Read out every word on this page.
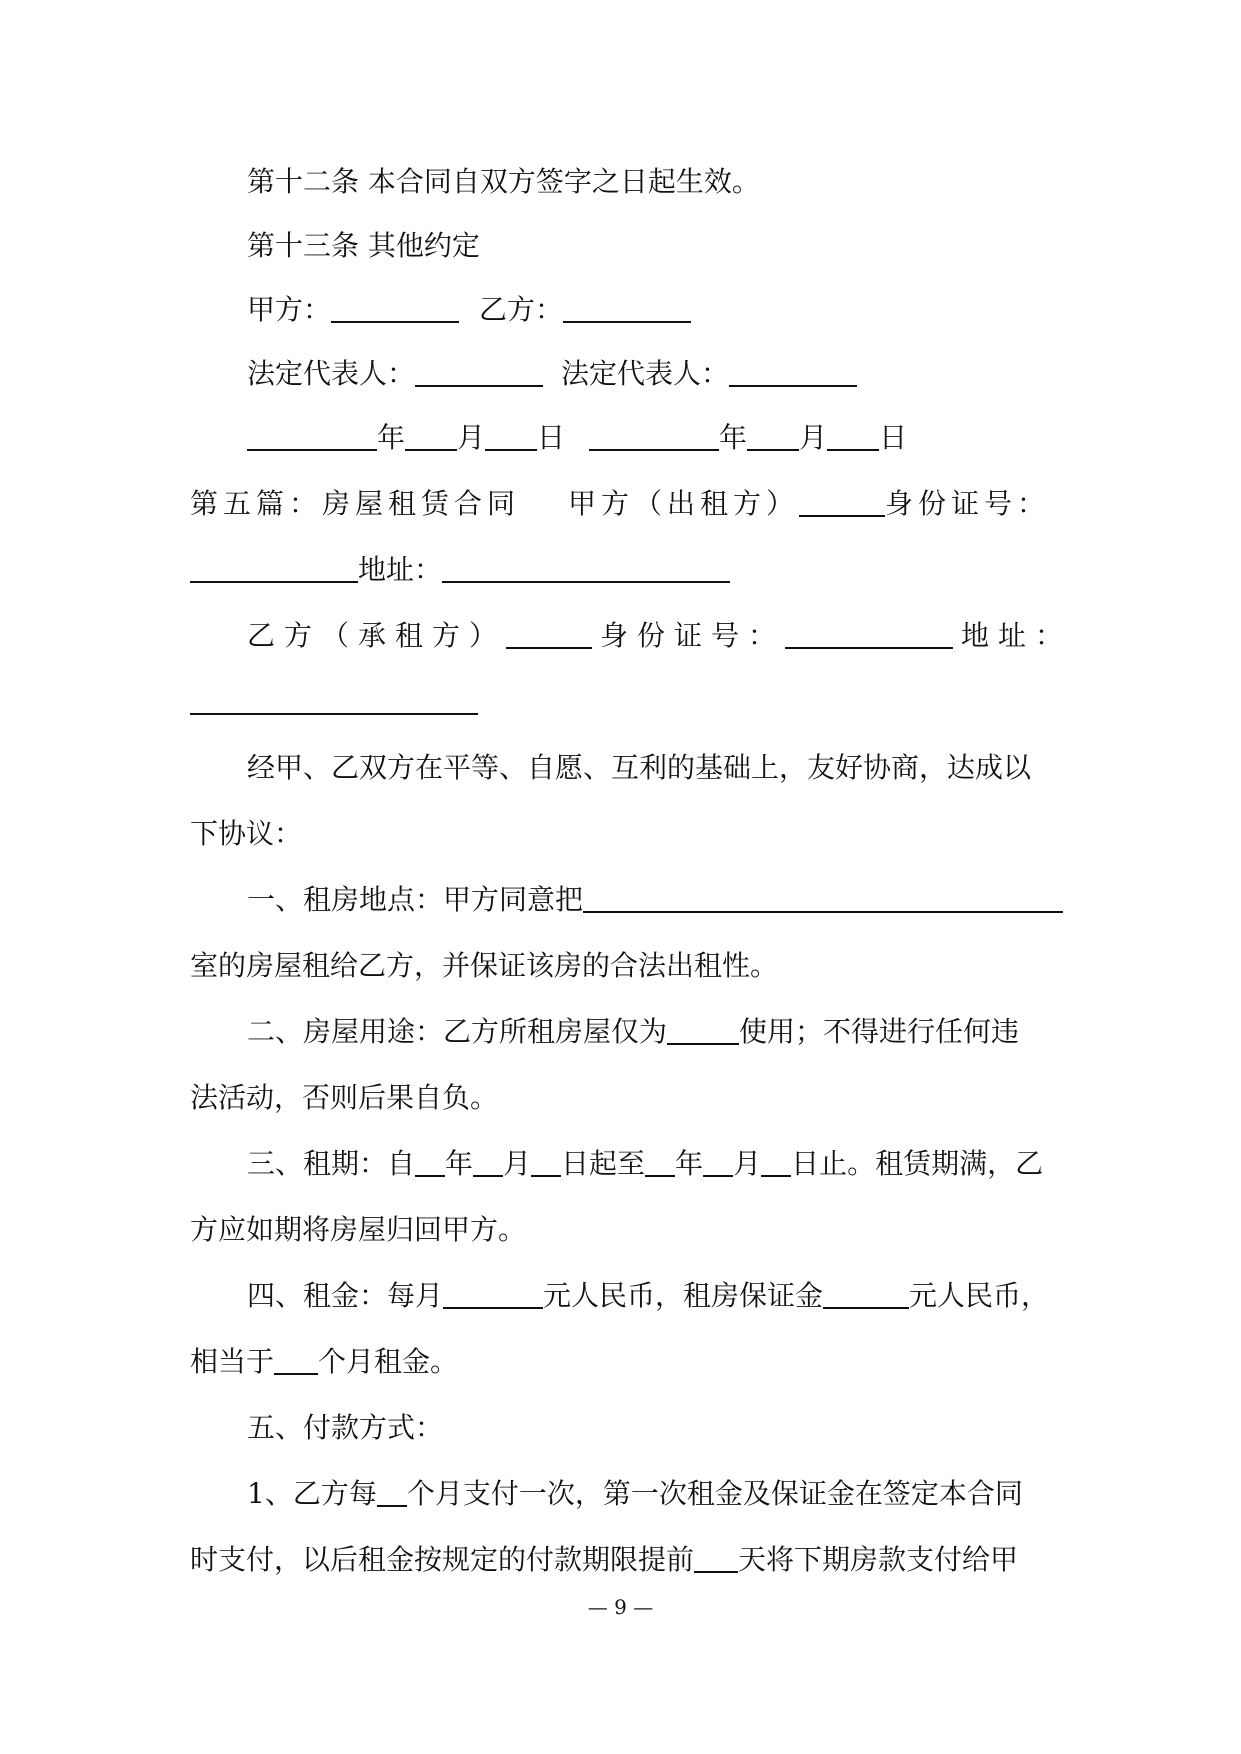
第十二条 本合同自双方签字之日起生效。
第十三条 其他约定
甲方：	乙方：
法定代表人：	法定代表人：
年 月 日	年 月 日
第五篇：房屋租赁合同 甲方（出租方）	身份证号：
地址：
乙方（承租方）	身份证号：	地址：
经甲、乙双方在平等、自愿、互利的基础上，友好协商，达成以
下协议：
一、租房地点：甲方同意把
室的房屋租给乙方，并保证该房的合法出租性。
二、房屋用途：乙方所租房屋仅为	使用；不得进行任何违
法活动，否则后果自负。
三、租期：自 年 月 日起至 年 月 日止。租赁期满，乙
方应如期将房屋归回甲方。
四、租金：每月	元人民币，租房保证金	元人民币，
相当于 个月租金。
五、付款方式：
1、乙方每 个月支付一次，第一次租金及保证金在签定本合同
时支付，以后租金按规定的付款期限提前 天将下期房款支付给甲
— 9 —
